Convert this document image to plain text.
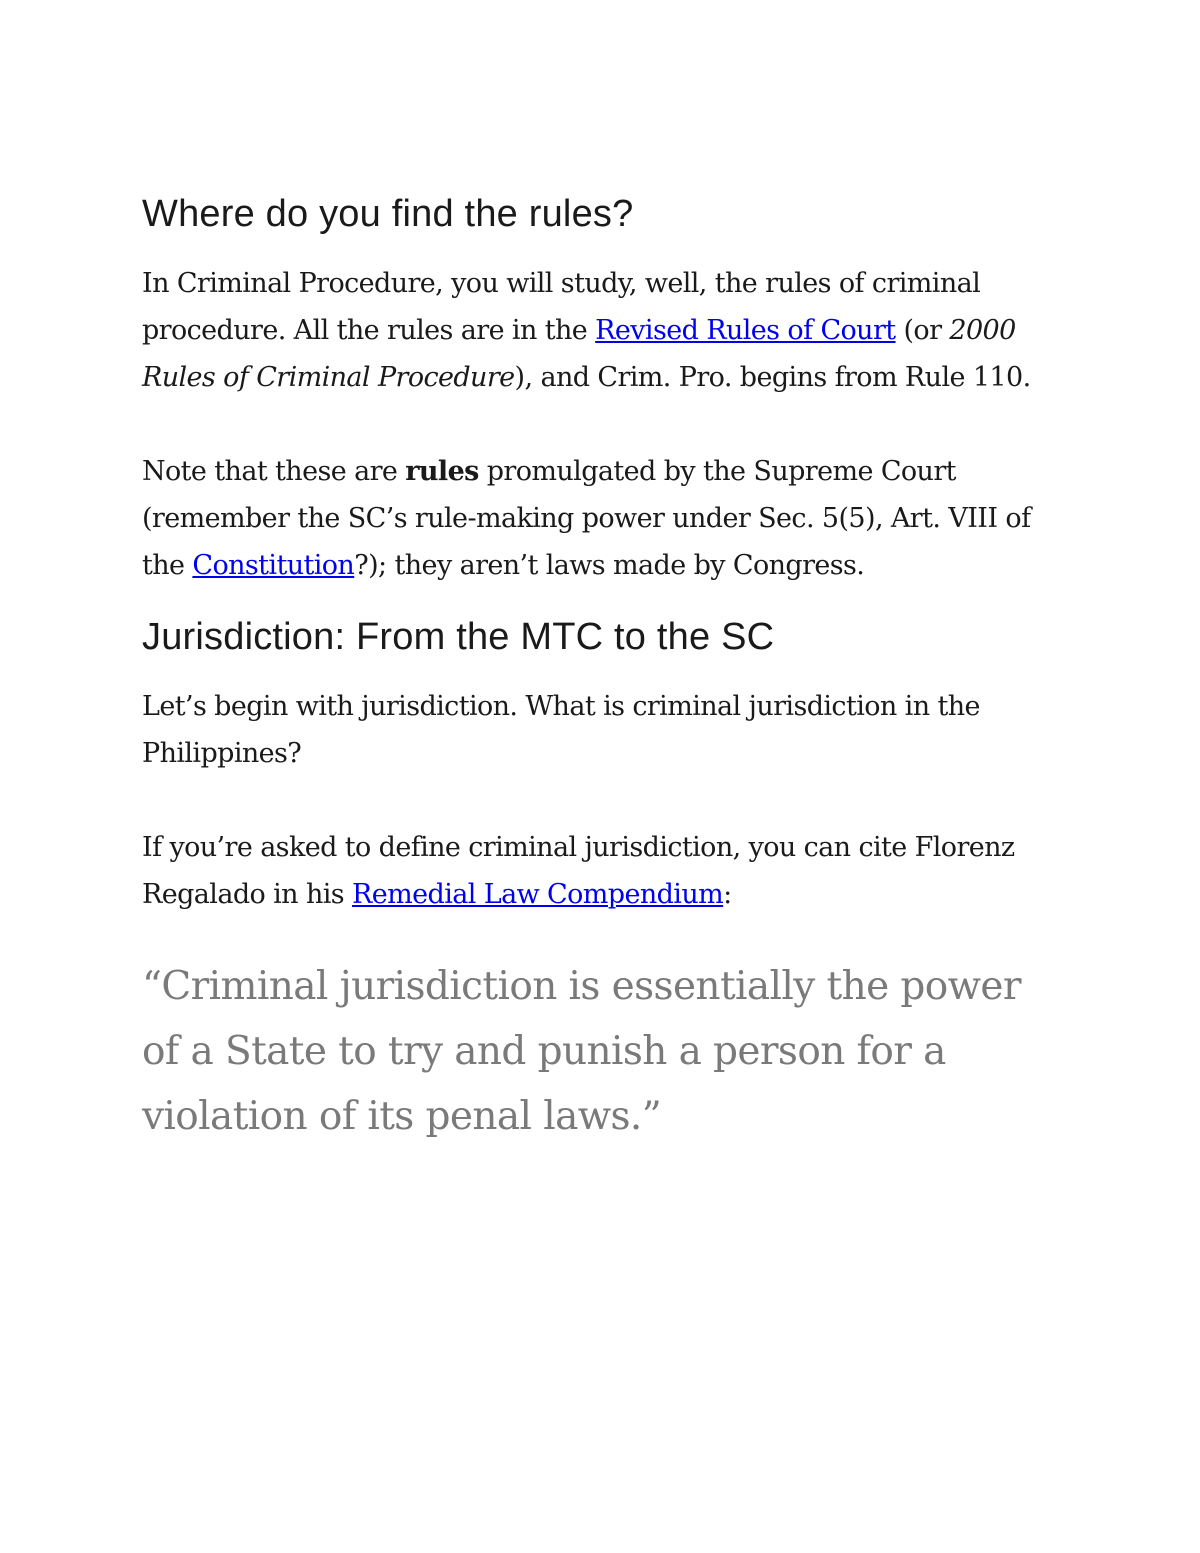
Where do you find the rules?

In Criminal Procedure, you will study, well, the rules of criminal procedure. All the rules are in the Revised Rules of Court (or 2000 Rules of Criminal Procedure), and Crim. Pro. begins from Rule 110.

Note that these are rules promulgated by the Supreme Court (remember the SC’s rule-making power under Sec. 5(5), Art. VIII of the Constitution?); they aren’t laws made by Congress.

Jurisdiction: From the MTC to the SC

Let’s begin with jurisdiction. What is criminal jurisdiction in the Philippines?

If you’re asked to define criminal jurisdiction, you can cite Florenz Regalado in his Remedial Law Compendium:

“Criminal jurisdiction is essentially the power of a State to try and punish a person for a violation of its penal laws.”
